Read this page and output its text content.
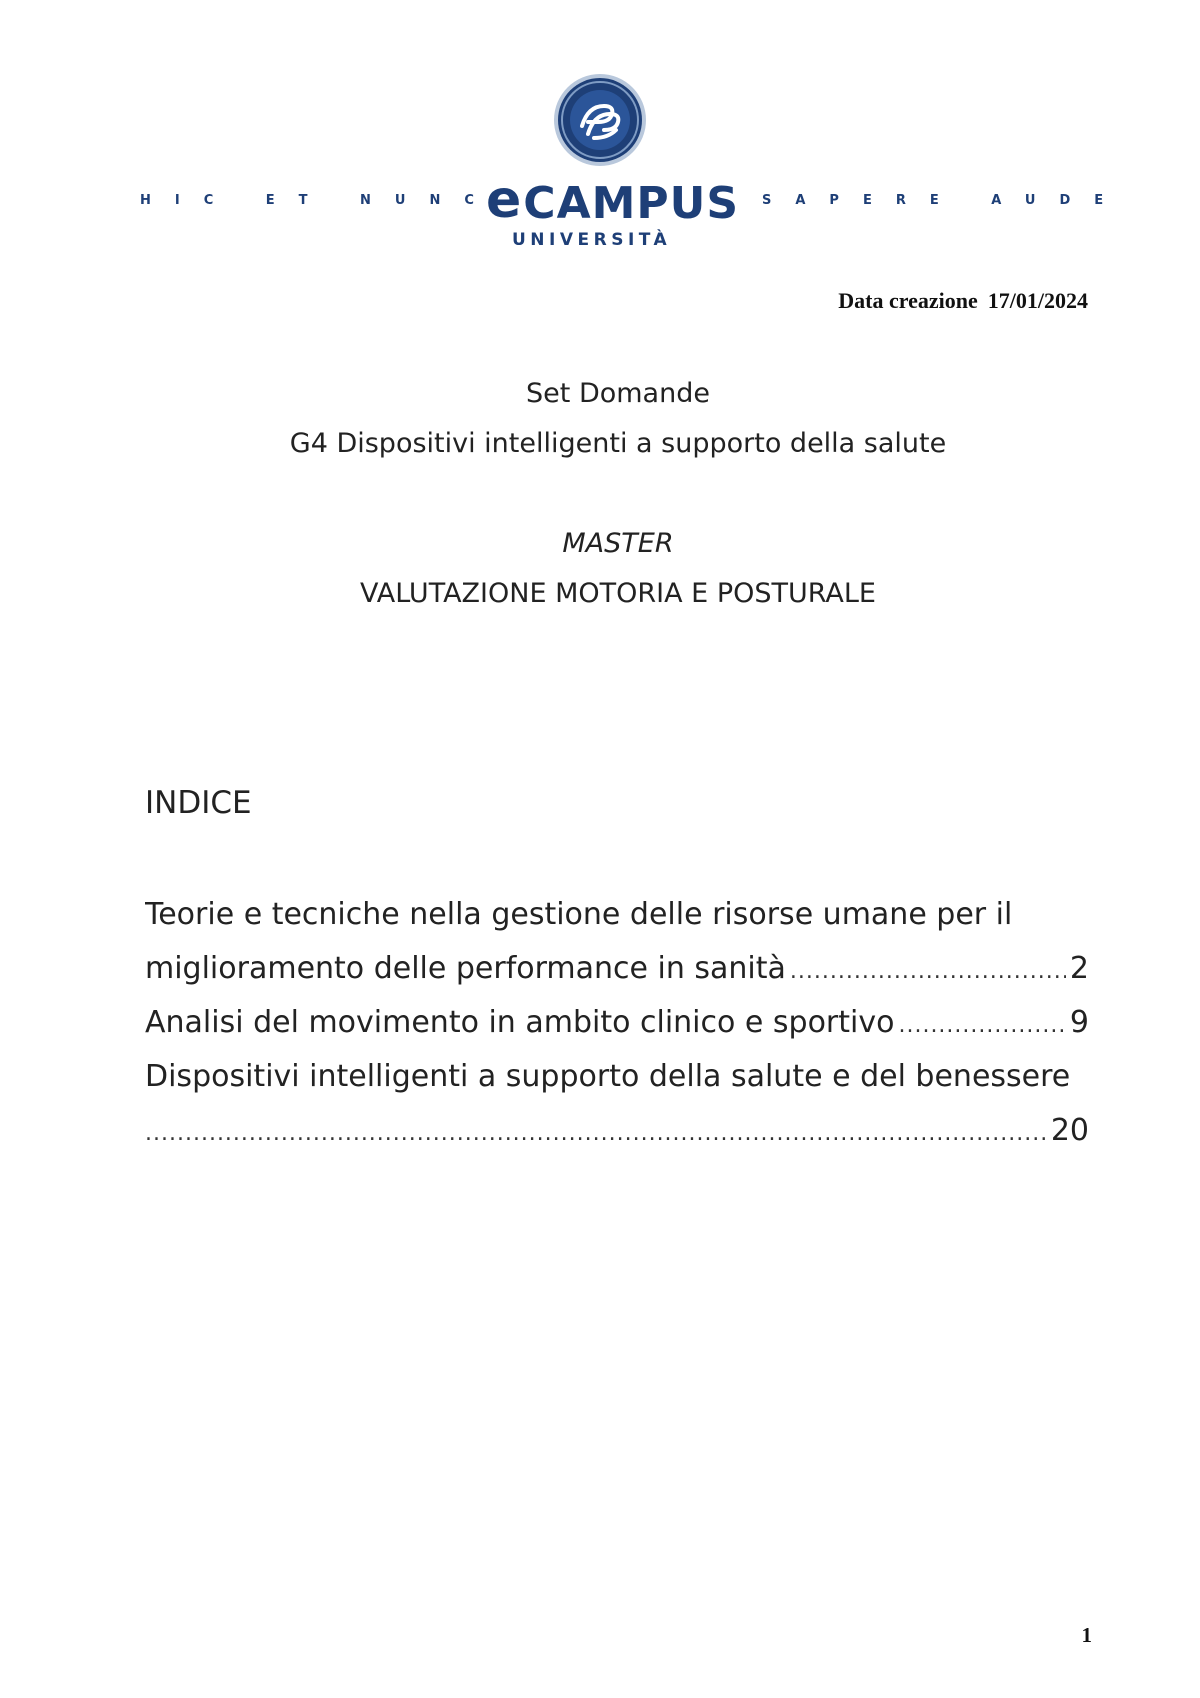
HIC ET NUNC
e CAMPUS
UNIVERSITÀ
SAPERE AUDE
Data creazione 17/01/2024
Set Domande
G4 Dispositivi intelligenti a supporto della salute
MASTER
VALUTAZIONE MOTORIA E POSTURALE
INDICE
Teorie e tecniche nella gestione delle risorse umane per il
miglioramento delle performance in sanità .....	2
Analisi del movimento in ambito clinico e sportivo .....	9
Dispositivi intelligenti a supporto della salute e del benessere
.....
20
1
